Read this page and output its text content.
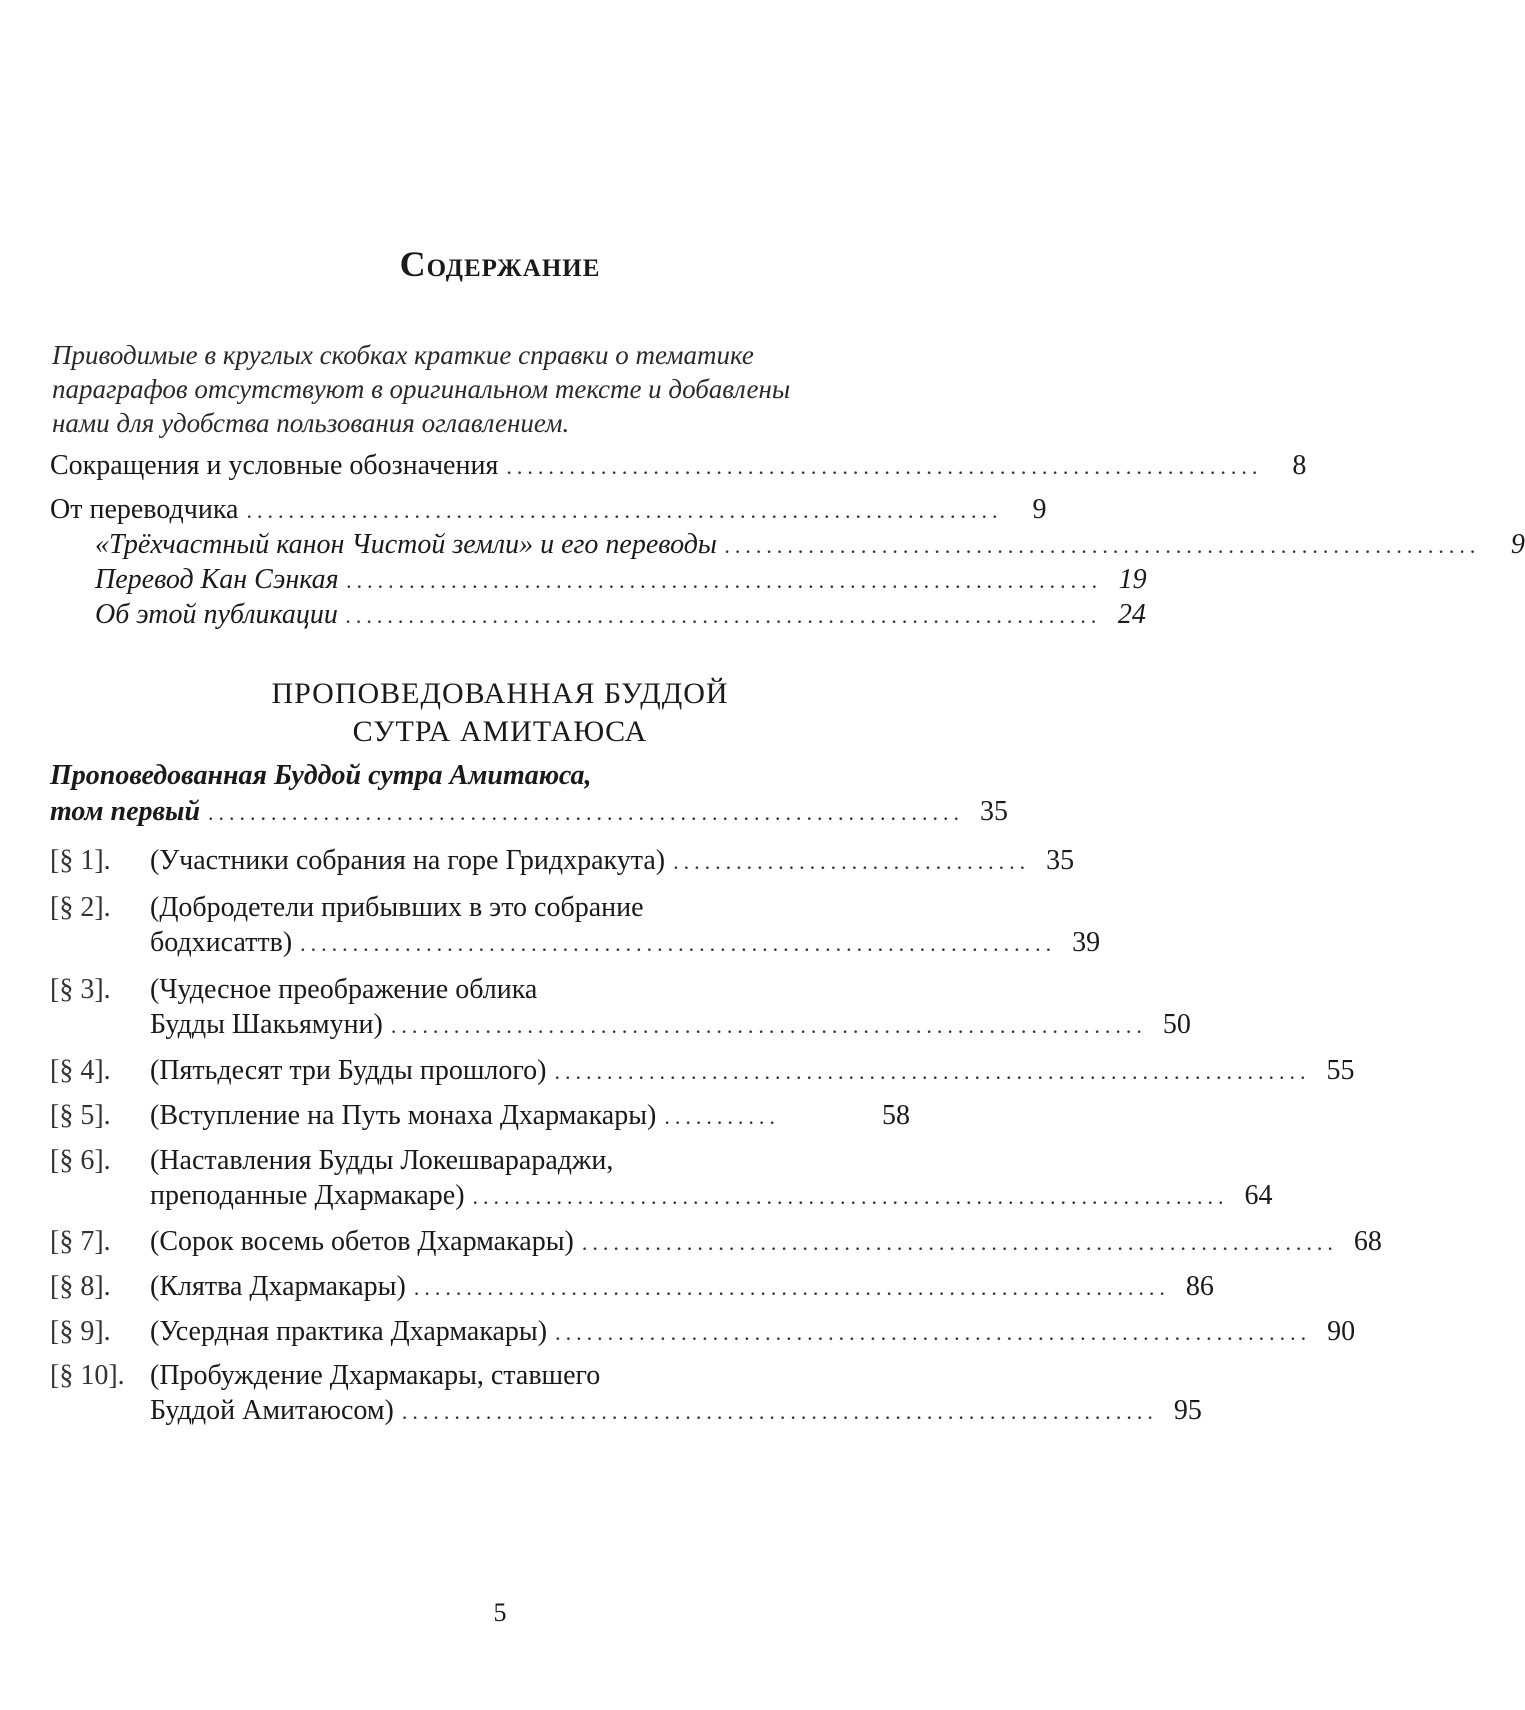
Содержание

Приводимые в круглых скобках краткие справки о тематике

параграфов отсутствуют в оригинальном тексте и добавлены

нами для удобства пользования оглавлением.

Сокращения и условные обозначения ........................................................................	8
От переводчика ........................................................................	9
«Трёхчастный канон Чистой земли» и его переводы ........................................................................	9
Перевод Кан Сэнкая ........................................................................ 19
Об этой публикации ........................................................................ 24
ПРОПОВЕДОВАННАЯ БУДДОЙ
СУТРА АМИТАЮСА
Проповедованная Буддой сутра Амитаюса,
том первый ........................................................................ 35
[§ 1]. (Участники собрания на горе Гридхракута) .................................. 35
[§ 2]. (Добродетели прибывших в это собрание
бодхисаттв) ........................................................................ 39
[§ 3]. (Чудесное преображение облика
Будды Шакьямуни) ........................................................................ 50
[§ 4]. (Пятьдесят три Будды прошлого) ........................................................................ 55
[§ 5]. (Вступление на Путь монаха Дхармакары) ...........	58
[§ 6]. (Наставления Будды Локешварараджи,
преподанные Дхармакаре) ........................................................................ 64
[§ 7]. (Сорок восемь обетов Дхармакары) ........................................................................ 68
[§ 8]. (Клятва Дхармакары) ........................................................................ 86
[§ 9]. (Усердная практика Дхармакары) ........................................................................ 90
[§ 10]. (Пробуждение Дхармакары, ставшего
Буддой Амитаюсом) ........................................................................ 95
5
